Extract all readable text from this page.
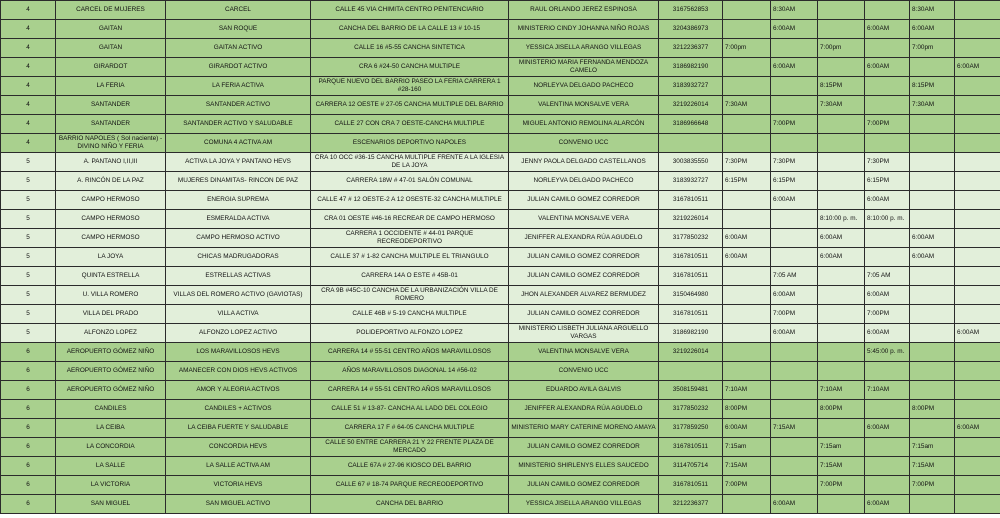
4	CARCEL DE MUJERES	CARCEL	CALLE 45 VIA CHIMITA CENTRO PENITENCIARIO	RAUL ORLANDO JEREZ ESPINOSA	3167562853		8:30AM			8:30AM	
4	GAITAN	SAN ROQUE	CANCHA DEL BARRIO DE LA CALLE 13 # 10-15	MINISTERIO CINDY JOHANNA NIÑO ROJAS	3204386973		6:00AM		6:00AM	6:00AM	
4	GAITAN	GAITAN ACTIVO	CALLE 16 #5-55 CANCHA SINTETICA	YESSICA JISELLA ARANGO VILLEGAS	3212236377	7:00pm		7:00pm		7:00pm	
4	GIRARDOT	GIRARDOT ACTIVO	CRA 6 #24-50 CANCHA MULTIPLE	MINISTERIO MARIA FERNANDA MENDOZA CAMELO	3186982190		6:00AM		6:00AM		6:00AM
4	LA FERIA	LA FERIA ACTIVA	PARQUE NUEVO DEL BARRIO PASEO LA FERIA CARRERA 1 #28-160	NORLEYVA DELGADO PACHECO	3183932727			8:15PM		8:15PM	
4	SANTANDER	SANTANDER ACTIVO	CARRERA 12 OESTE # 27-05 CANCHA MULTIPLE DEL BARRIO	VALENTINA MONSALVE VERA	3219226014	7:30AM		7:30AM		7:30AM	
4	SANTANDER	SANTANDER ACTIVO Y SALUDABLE	CALLE 27 CON CRA 7 OESTE-CANCHA MULTIPLE	MIGUEL ANTONIO REMOLINA ALARCÓN	3186966648		7:00PM		7:00PM		
4	BARRIO NAPOLES ( Sol naciente) - DIVINO NIÑO Y FERIA	COMUNA 4 ACTIVA AM	ESCENARIOS DEPORTIVO NAPOLES	CONVENIO UCC							
5	A. PANTANO I,II,III	ACTIVA LA JOYA Y PANTANO HEVS	CRA 10 OCC #36-15 CANCHA MULTIPLE FRENTE A LA IGLESIA DE LA JOYA	JENNY PAOLA DELGADO CASTELLANOS	3003835550	7:30PM	7:30PM		7:30PM		
5	A. RINCÓN DE LA PAZ	MUJERES DINAMITAS- RINCON DE PAZ	CARRERA 18W # 47-01 SALÓN COMUNAL	NORLEYVA DELGADO PACHECO	3183932727	6:15PM	6:15PM		6:15PM		
5	CAMPO HERMOSO	ENERGIA SUPREMA	CALLE 47 # 12 OESTE-2 A 12 OSESTE-32 CANCHA MULTIPLE	JULIAN CAMILO GOMEZ CORREDOR	3167810511		6:00AM		6:00AM		
5	CAMPO HERMOSO	ESMERALDA ACTIVA	CRA 01 OESTE #46-16 RECREAR DE CAMPO HERMOSO	VALENTINA MONSALVE VERA	3219226014			8:10:00 p. m.	8:10:00 p. m.		
5	CAMPO HERMOSO	CAMPO HERMOSO ACTIVO	CARRERA 1 OCCIDENTE # 44-01 PARQUE RECREODEPORTIVO	JENIFFER ALEXANDRA RÚA AGUDELO	3177850232	6:00AM		6:00AM		6:00AM	
5	LA JOYA	CHICAS MADRUGADORAS	CALLE 37 # 1-82 CANCHA MULTIPLE EL TRIANGULO	JULIAN CAMILO GOMEZ CORREDOR	3167810511	6:00AM		6:00AM		6:00AM	
5	QUINTA ESTRELLA	ESTRELLAS ACTIVAS	CARRERA 14A O ESTE # 45B-01	JULIAN CAMILO GOMEZ CORREDOR	3167810511		7:05 AM		7:05 AM		
5	U. VILLA ROMERO	VILLAS DEL ROMERO ACTIVO (GAVIOTAS)	CRA 9B #45C-10 CANCHA DE LA URBANIZACIÓN VILLA DE ROMERO	JHON ALEXANDER ALVAREZ BERMUDEZ	3150464980		6:00AM		6:00AM		
5	VILLA DEL PRADO	VILLA ACTIVA	CALLE 46B # 5-19 CANCHA MULTIPLE	JULIAN CAMILO GOMEZ CORREDOR	3167810511		7:00PM		7:00PM		
5	ALFONZO LOPEZ	ALFONZO LOPEZ ACTIVO	POLIDEPORTIVO ALFONZO LOPEZ	MINISTERIO LISBETH JULIANA ARGUELLO VARGAS	3186982190		6:00AM		6:00AM		6:00AM
6	AEROPUERTO GÓMEZ NIÑO	LOS MARAVILLOSOS HEVS	CARRERA 14 # 55-51 CENTRO AÑOS MARAVILLOSOS	VALENTINA MONSALVE VERA	3219226014				5:45:00 p. m.		
6	AEROPUERTO GÓMEZ NIÑO	AMANECER CON DIOS HEVS ACTIVOS	AÑOS MARAVILLOSOS DIAGONAL 14 #56-02	CONVENIO UCC							
6	AEROPUERTO GÓMEZ NIÑO	AMOR Y ALEGRIA ACTIVOS	CARRERA 14 # 55-51 CENTRO AÑOS MARAVILLOSOS	EDUARDO AVILA GALVIS	3508159481	7:10AM		7:10AM	7:10AM		
6	CANDILES	CANDILES + ACTIVOS	CALLE 51 # 13-87- CANCHA AL LADO DEL COLEGIO	JENIFFER ALEXANDRA RÚA AGUDELO	3177850232	8:00PM		8:00PM		8:00PM	
6	LA CEIBA	LA CEIBA FUERTE Y SALUDABLE	CARRERA 17 F # 64-05 CANCHA MULTIPLE	MINISTERIO MARY CATERINE MORENO AMAYA	3177859250	6:00AM	7:15AM		6:00AM		6:00AM
6	LA CONCORDIA	CONCORDIA HEVS	CALLE 50 ENTRE CARRERA 21 Y 22 FRENTE PLAZA DE MERCADO	JULIAN CAMILO GOMEZ CORREDOR	3167810511	7:15am		7:15am		7:15am	
6	LA SALLE	LA SALLE ACTIVA AM	CALLE 67A # 27-96 KIOSCO DEL BARRIO	MINISTERIO SHIRLENYS ELLES SAUCEDO	3114705714	7:15AM		7:15AM		7:15AM	
6	LA VICTORIA	VICTORIA HEVS	CALLE 67 # 18-74 PARQUE RECREODEPORTIVO	JULIAN CAMILO GOMEZ CORREDOR	3167810511	7:00PM		7:00PM		7:00PM	
6	SAN MIGUEL	SAN MIGUEL ACTIVO	CANCHA DEL BARRIO	YESSICA JISELLA ARANGO VILLEGAS	3212236377		6:00AM		6:00AM		
